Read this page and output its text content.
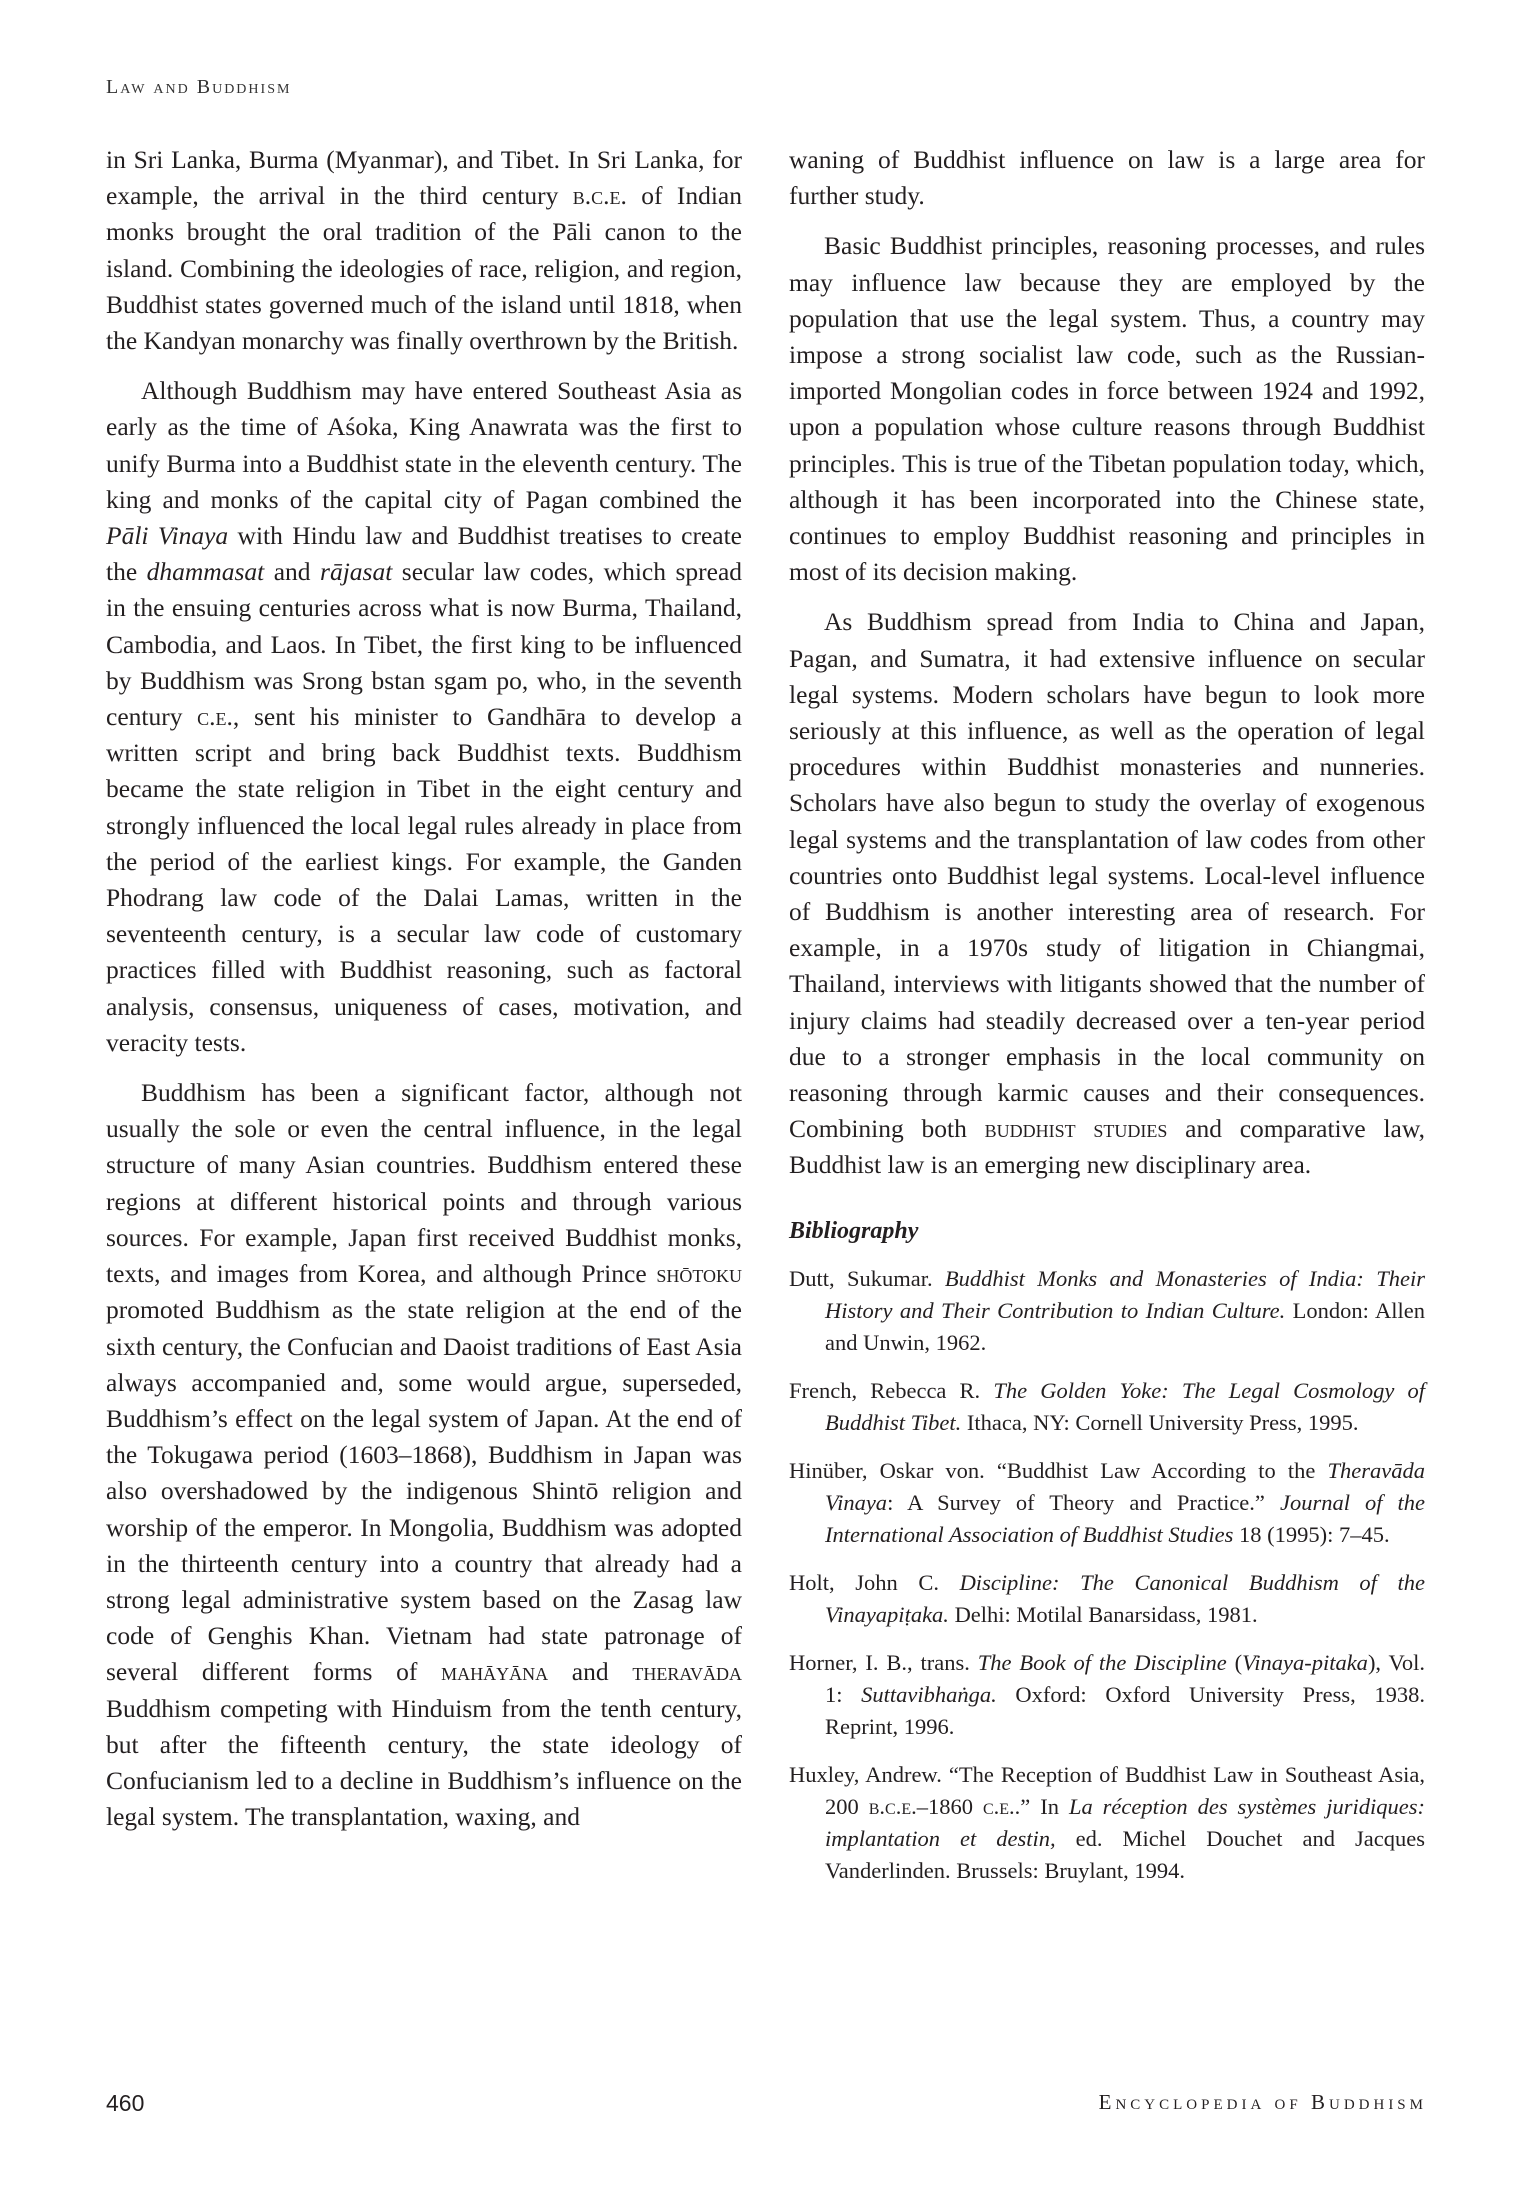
Law and Buddhism

in Sri Lanka, Burma (Myanmar), and Tibet. In Sri Lanka, for example, the arrival in the third century b.c.e. of Indian monks brought the oral tradition of the Pāli canon to the island. Combining the ideologies of race, religion, and region, Buddhist states governed much of the island until 1818, when the Kandyan monarchy was finally overthrown by the British.

Although Buddhism may have entered Southeast Asia as early as the time of Aśoka, King Anawrata was the first to unify Burma into a Buddhist state in the eleventh century. The king and monks of the capital city of Pagan combined the Pāli Vinaya with Hindu law and Buddhist treatises to create the dhammasat and rājasat secular law codes, which spread in the ensuing centuries across what is now Burma, Thailand, Cambodia, and Laos. In Tibet, the first king to be influenced by Buddhism was Srong bstan sgam po, who, in the seventh century c.e., sent his minister to Gandhāra to develop a written script and bring back Buddhist texts. Buddhism became the state religion in Tibet in the eight century and strongly influenced the local legal rules already in place from the period of the earliest kings. For example, the Ganden Phodrang law code of the Dalai Lamas, written in the seventeenth century, is a secular law code of customary practices filled with Buddhist reasoning, such as factoral analysis, consensus, uniqueness of cases, motivation, and veracity tests.

Buddhism has been a significant factor, although not usually the sole or even the central influence, in the legal structure of many Asian countries. Buddhism entered these regions at different historical points and through various sources. For example, Japan first received Buddhist monks, texts, and images from Korea, and although Prince shōtoku promoted Buddhism as the state religion at the end of the sixth century, the Confucian and Daoist traditions of East Asia always accompanied and, some would argue, superseded, Buddhism’s effect on the legal system of Japan. At the end of the Tokugawa period (1603–1868), Buddhism in Japan was also overshadowed by the indigenous Shintō religion and worship of the emperor. In Mongolia, Buddhism was adopted in the thirteenth century into a country that already had a strong legal administrative system based on the Zasag law code of Genghis Khan. Vietnam had state patronage of several different forms of mahāyāna and theravāda Buddhism competing with Hinduism from the tenth century, but after the fifteenth century, the state ideology of Confucianism led to a decline in Buddhism’s influence on the legal system. The transplantation, waxing, and

waning of Buddhist influence on law is a large area for further study.

Basic Buddhist principles, reasoning processes, and rules may influence law because they are employed by the population that use the legal system. Thus, a country may impose a strong socialist law code, such as the Russian-imported Mongolian codes in force between 1924 and 1992, upon a population whose culture reasons through Buddhist principles. This is true of the Tibetan population today, which, although it has been incorporated into the Chinese state, continues to employ Buddhist reasoning and principles in most of its decision making.

As Buddhism spread from India to China and Japan, Pagan, and Sumatra, it had extensive influence on secular legal systems. Modern scholars have begun to look more seriously at this influence, as well as the operation of legal procedures within Buddhist monasteries and nunneries. Scholars have also begun to study the overlay of exogenous legal systems and the transplantation of law codes from other countries onto Buddhist legal systems. Local-level influence of Buddhism is another interesting area of research. For example, in a 1970s study of litigation in Chiangmai, Thailand, interviews with litigants showed that the number of injury claims had steadily decreased over a ten-year period due to a stronger emphasis in the local community on reasoning through karmic causes and their consequences. Combining both buddhist studies and comparative law, Buddhist law is an emerging new disciplinary area.

Bibliography

Dutt, Sukumar. Buddhist Monks and Monasteries of India: Their History and Their Contribution to Indian Culture. London: Allen and Unwin, 1962.

French, Rebecca R. The Golden Yoke: The Legal Cosmology of Buddhist Tibet. Ithaca, NY: Cornell University Press, 1995.

Hinüber, Oskar von. “Buddhist Law According to the Theravāda Vinaya: A Survey of Theory and Practice.” Journal of the International Association of Buddhist Studies 18 (1995): 7–45.

Holt, John C. Discipline: The Canonical Buddhism of the Vinayapiṭaka. Delhi: Motilal Banarsidass, 1981.

Horner, I. B., trans. The Book of the Discipline (Vinaya-pitaka), Vol. 1: Suttavibhaṅga. Oxford: Oxford University Press, 1938. Reprint, 1996.

Huxley, Andrew. “The Reception of Buddhist Law in Southeast Asia, 200 b.c.e.–1860 c.e..” In La réception des systèmes juridiques: implantation et destin, ed. Michel Douchet and Jacques Vanderlinden. Brussels: Bruylant, 1994.

460	Encyclopedia of Buddhism
